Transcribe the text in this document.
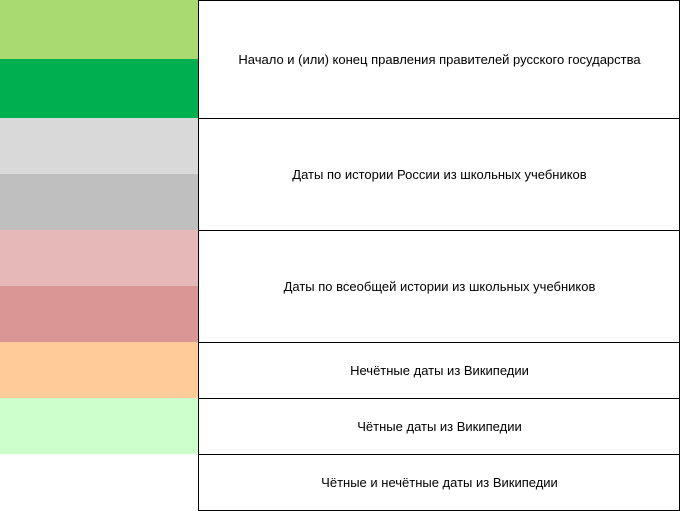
Начало и (или) конец правления правителей русского государства
Даты по истории России из школьных учебников
Даты по всеобщей истории из школьных учебников
Нечётные даты из Википедии
Чётные даты из Википедии
Чётные и нечётные даты из Википедии
